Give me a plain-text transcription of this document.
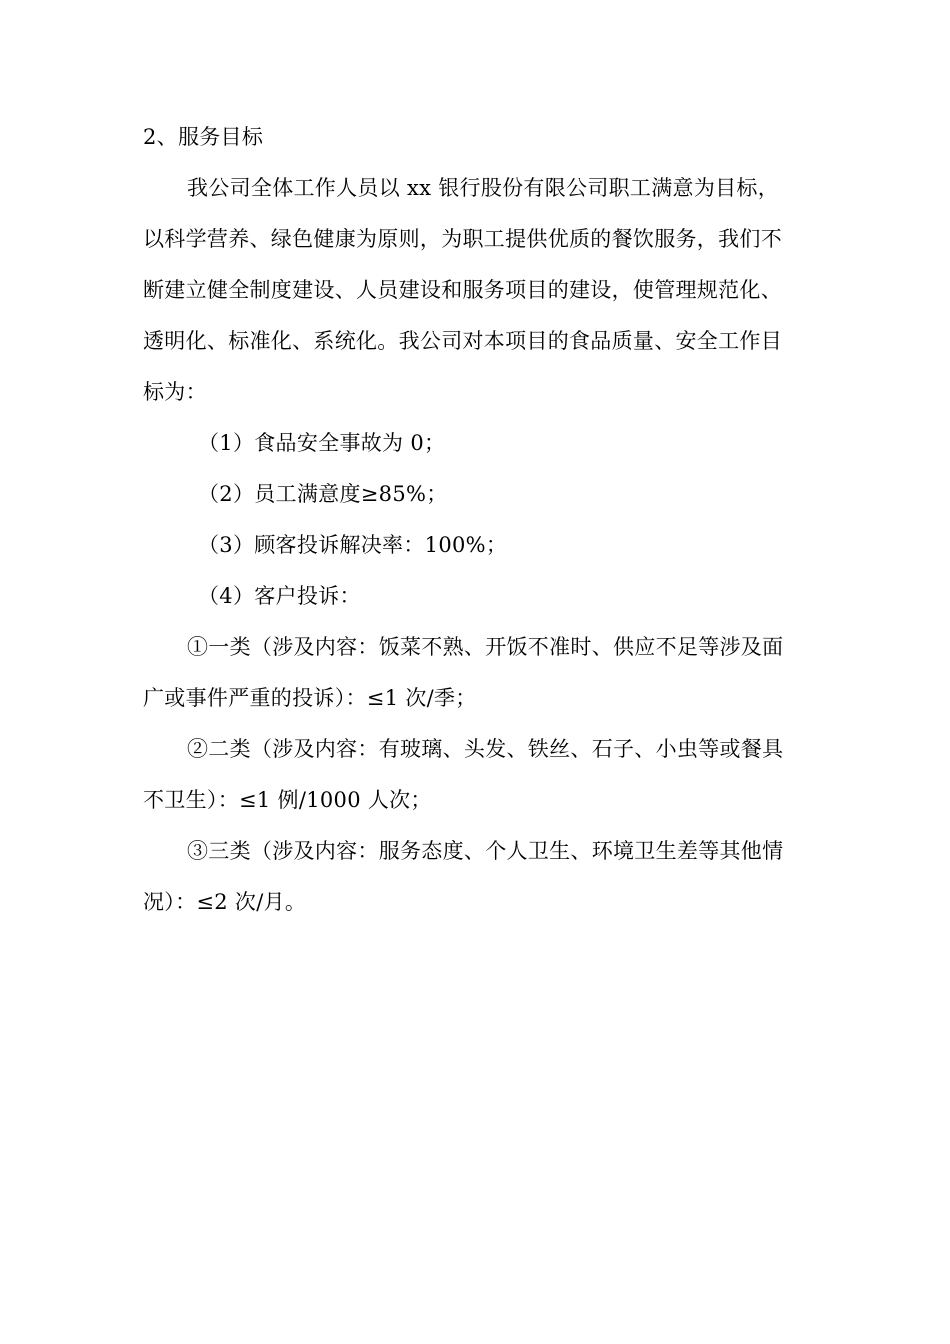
2、服务目标
我公司全体工作人员以 xx 银行股份有限公司职工满意为目标，
以科学营养、绿色健康为原则，为职工提供优质的餐饮服务，我们不
断建立健全制度建设、人员建设和服务项目的建设，使管理规范化、
透明化、标准化、系统化。我公司对本项目的食品质量、安全工作目
标为：
（1）食品安全事故为 0；
（2）员工满意度≥85%；
（3）顾客投诉解决率：100%；
（4）客户投诉：
①一类（涉及内容：饭菜不熟、开饭不准时、供应不足等涉及面
广或事件严重的投诉）：≤1 次/季；
②二类（涉及内容：有玻璃、头发、铁丝、石子、小虫等或餐具
不卫生）：≤1 例/1000 人次；
③三类（涉及内容：服务态度、个人卫生、环境卫生差等其他情
况）：≤2 次/月。
